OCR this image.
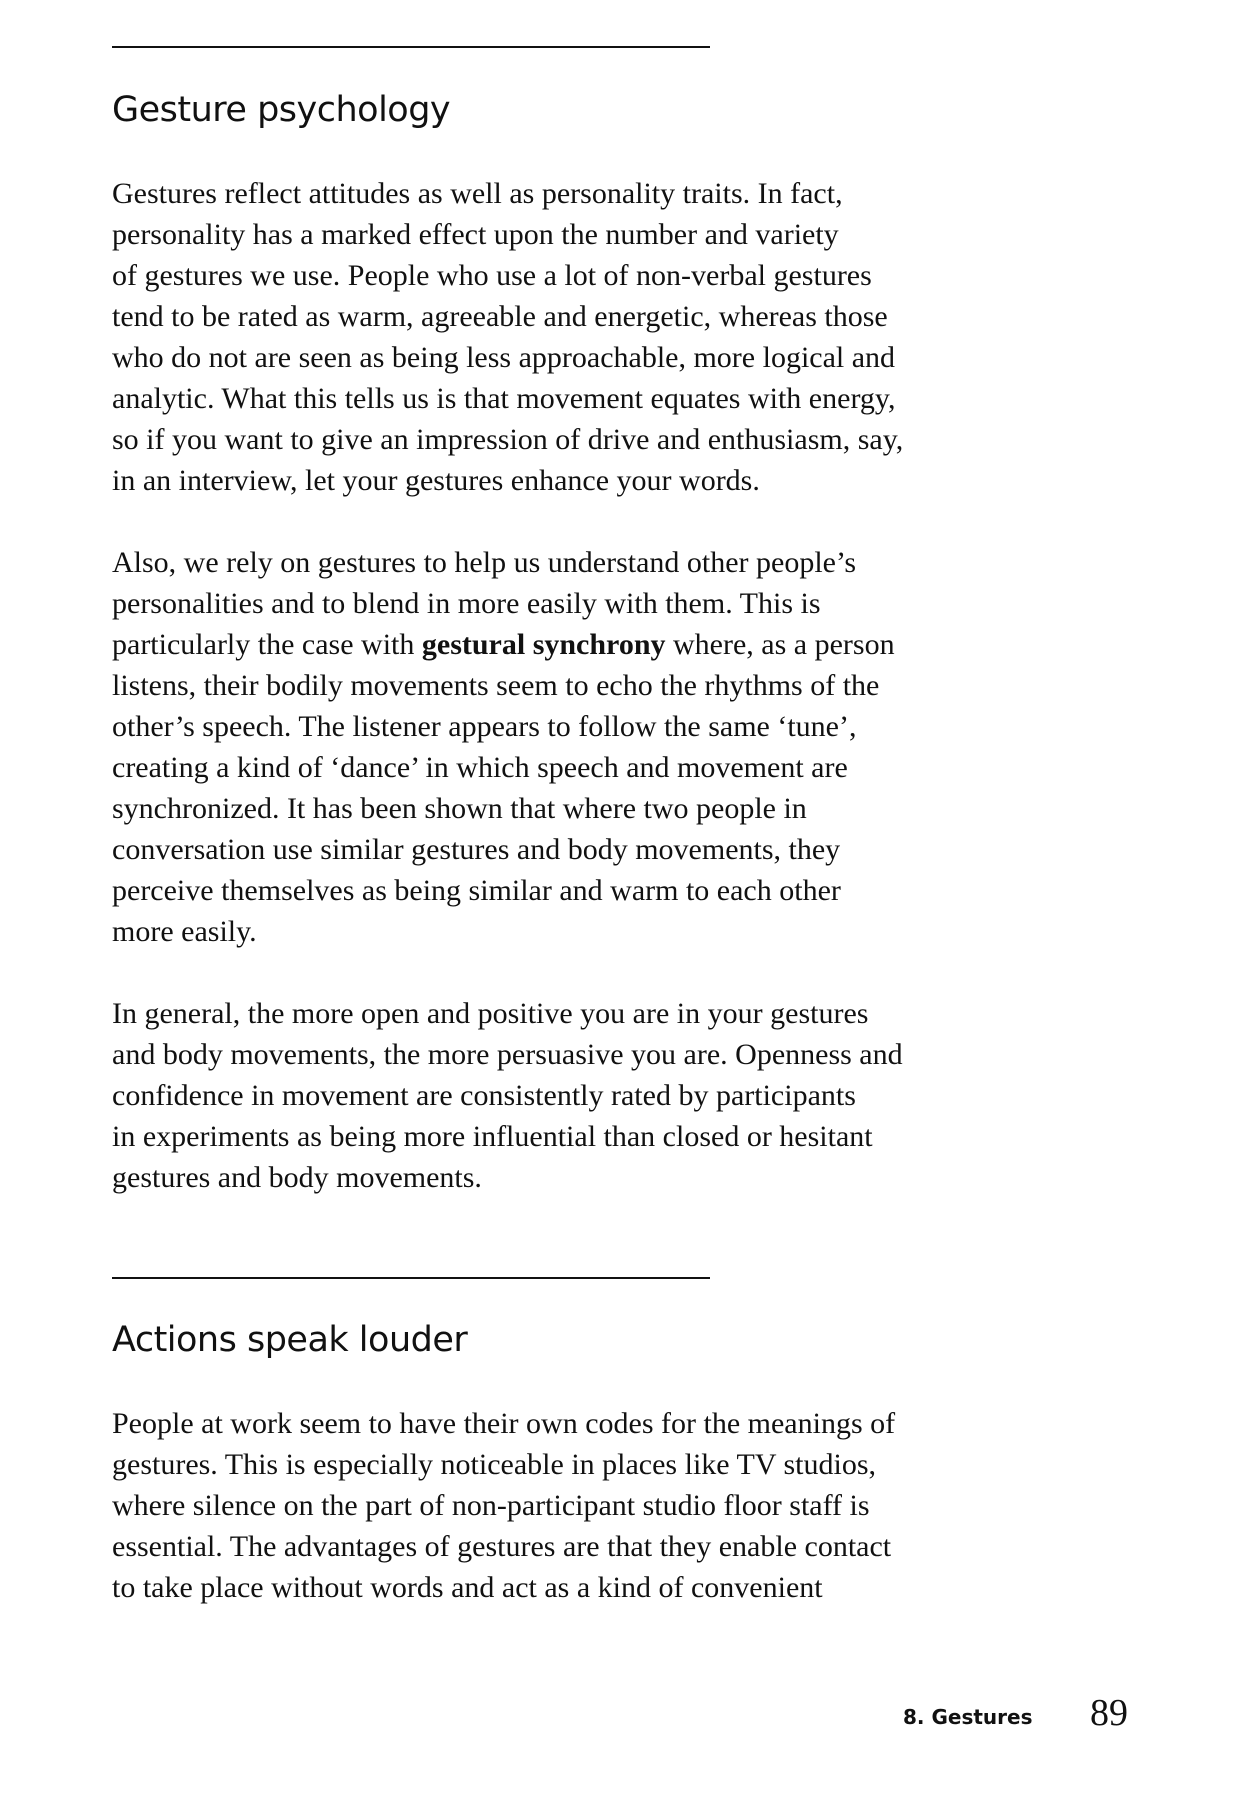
Gesture psychology
Gestures reflect attitudes as well as personality traits. In fact,
personality has a marked effect upon the number and variety
of gestures we use. People who use a lot of non-verbal gestures
tend to be rated as warm, agreeable and energetic, whereas those
who do not are seen as being less approachable, more logical and
analytic. What this tells us is that movement equates with energy,
so if you want to give an impression of drive and enthusiasm, say,
in an interview, let your gestures enhance your words.
Also, we rely on gestures to help us understand other people’s
personalities and to blend in more easily with them. This is
particularly the case with gestural synchrony where, as a person
listens, their bodily movements seem to echo the rhythms of the
other’s speech. The listener appears to follow the same ‘tune’,
creating a kind of ‘dance’ in which speech and movement are
synchronized. It has been shown that where two people in
conversation use similar gestures and body movements, they
perceive themselves as being similar and warm to each other
more easily.
In general, the more open and positive you are in your gestures
and body movements, the more persuasive you are. Openness and
confidence in movement are consistently rated by participants
in experiments as being more influential than closed or hesitant
gestures and body movements.
Actions speak louder
People at work seem to have their own codes for the meanings of
gestures. This is especially noticeable in places like TV studios,
where silence on the part of non-participant studio floor staff is
essential. The advantages of gestures are that they enable contact
to take place without words and act as a kind of convenient
8. Gestures 89
